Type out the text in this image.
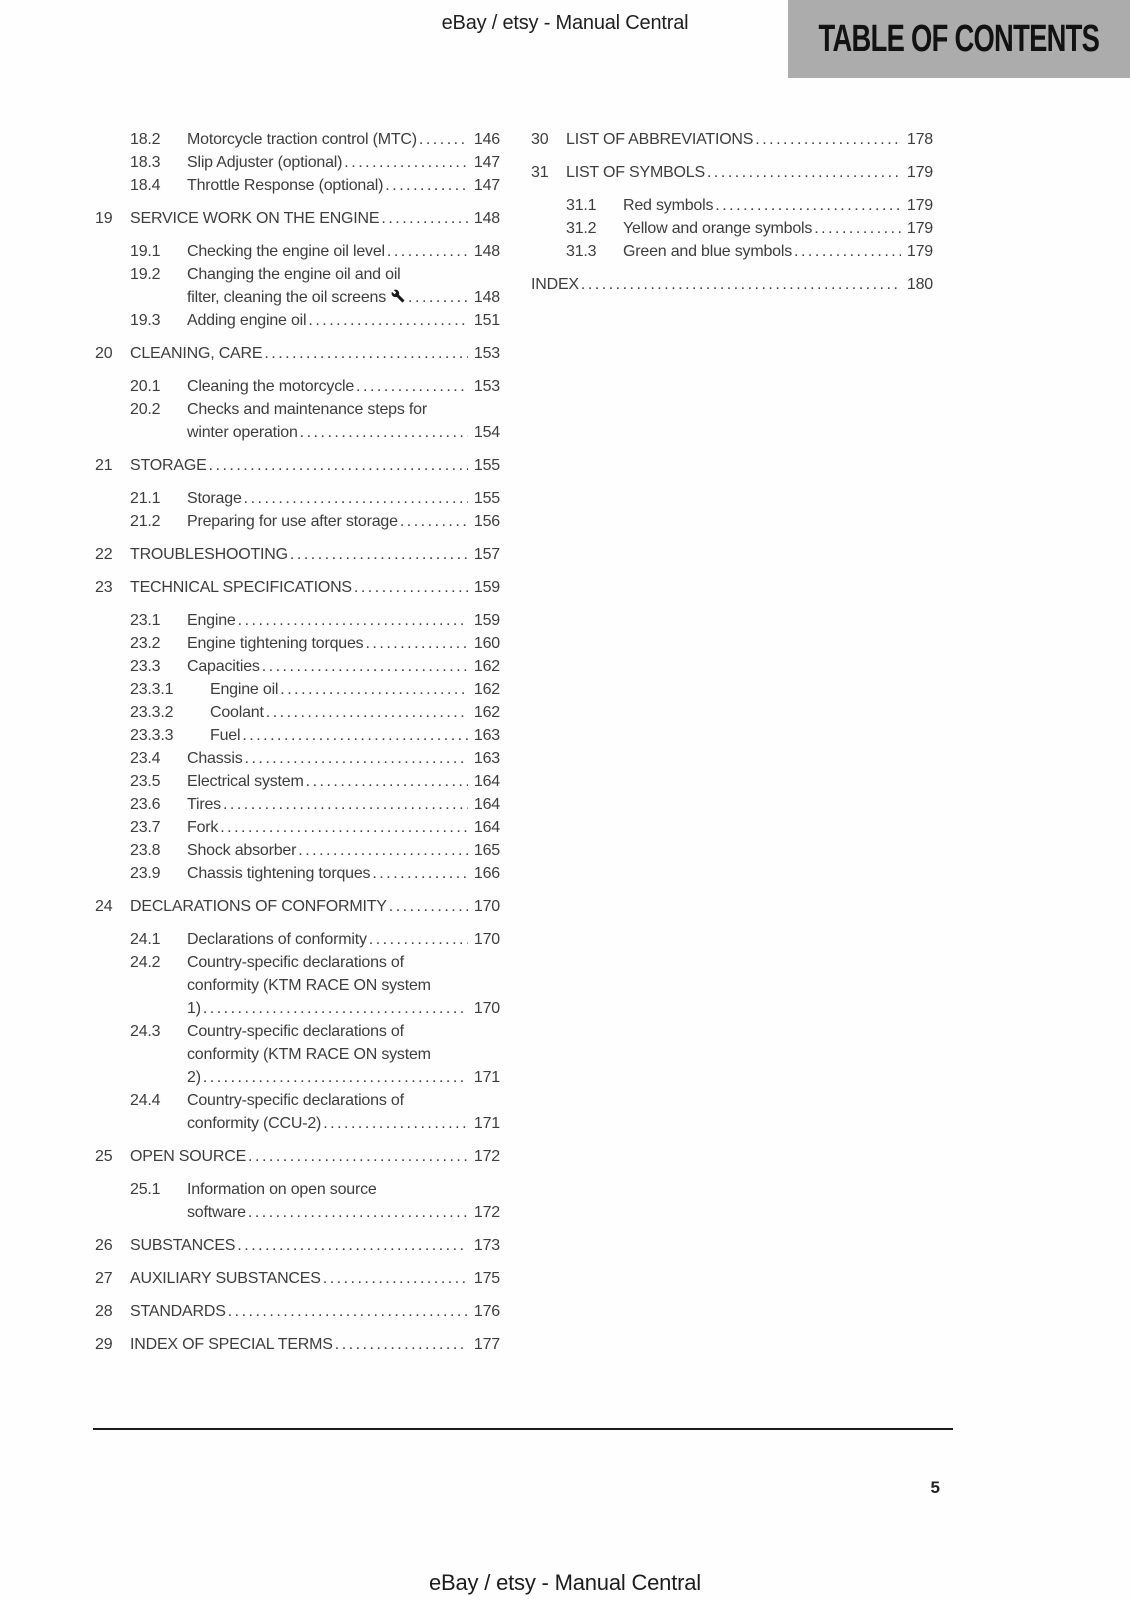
eBay / etsy - Manual Central	TABLE OF CONTENTS
18.2	Motorcycle traction control (MTC) .....	146
18.3	Slip Adjuster (optional) .....	147
18.4	Throttle Response (optional) .....	147
19	SERVICE WORK ON THE ENGINE .....	148
19.1	Checking the engine oil level .....	148
19.2	Changing the engine oil and oil
filter, cleaning the oil screens .....	148
19.3	Adding engine oil .....	151
20	CLEANING, CARE .....	153
20.1	Cleaning the motorcycle .....	153
20.2	Checks and maintenance steps for
winter operation .....	154
21	STORAGE .....	155
21.1	Storage .....	155
21.2	Preparing for use after storage .....	156
22	TROUBLESHOOTING .....	157
23	TECHNICAL SPECIFICATIONS .....	159
23.1	Engine .....	159
23.2	Engine tightening torques .....	160
23.3	Capacities .....	162
23.3.1	Engine oil .....	162
23.3.2	Coolant .....	162
23.3.3	Fuel .....	163
23.4	Chassis .....	163
23.5	Electrical system .....	164
23.6	Tires .....	164
23.7	Fork .....	164
23.8	Shock absorber .....	165
23.9	Chassis tightening torques .....	166
24	DECLARATIONS OF CONFORMITY .....	170
24.1	Declarations of conformity .....	170
24.2	Country-specific declarations of
conformity (KTM RACE ON system
1) .....	170
24.3	Country-specific declarations of
conformity (KTM RACE ON system
2) .....	171
24.4	Country-specific declarations of
conformity (CCU-2) .....	171
25	OPEN SOURCE .....	172
25.1	Information on open source
software .....	172
26	SUBSTANCES .....	173
27	AUXILIARY SUBSTANCES .....	175
28	STANDARDS .....	176
29	INDEX OF SPECIAL TERMS .....	177
30	LIST OF ABBREVIATIONS .....	178
31	LIST OF SYMBOLS .....	179
31.1	Red symbols .....	179
31.2	Yellow and orange symbols .....	179
31.3	Green and blue symbols .....	179
INDEX .....	180
5
eBay / etsy - Manual Central
